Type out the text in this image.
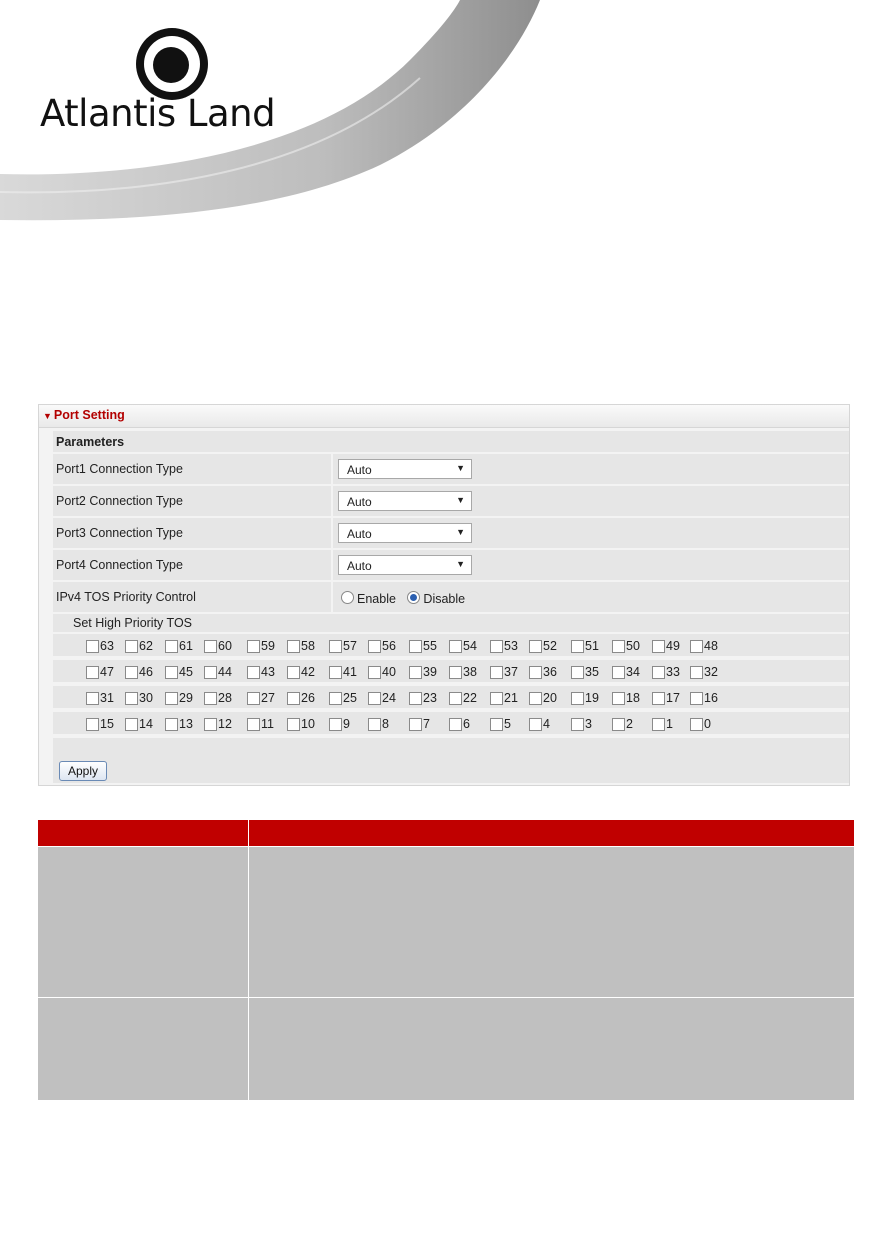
Atlantis Land
▼ Port Setting
Parameters
Port1 Connection Type	Auto	▼
Port2 Connection Type	Auto	▼
Port3 Connection Type	Auto	▼
Port4 Connection Type	Auto	▼
IPv4 TOS Priority Control	Enable Disable
Set High Priority TOS
63 62 61 60 59 58 57 56 55 54 53 52 51 50 49 48
47 46 45 44 43 42 41 40 39 38 37 36 35 34 33 32
31 30 29 28 27 26 25 24 23 22 21 20 19 18 17 16
15 14 13 12 11 10 9	8	7	6	5	4	3	2	1 0
Apply
